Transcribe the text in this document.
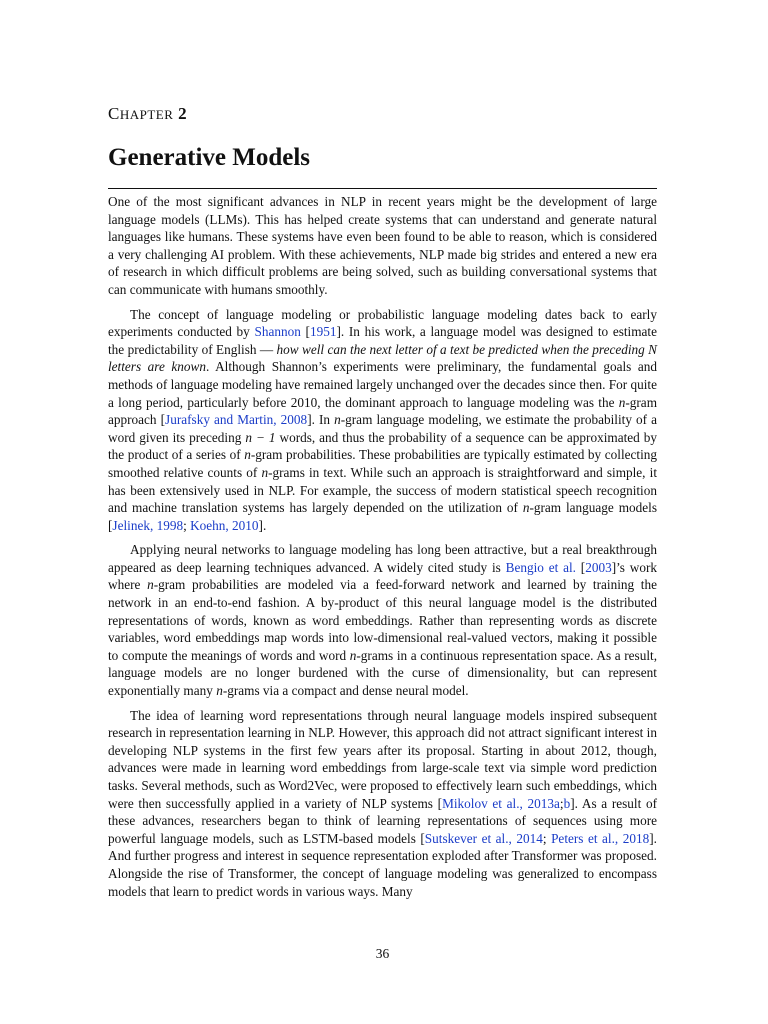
CHAPTER 2
Generative Models

One of the most significant advances in NLP in recent years might be the development of large language models (LLMs). This has helped create systems that can understand and generate natural languages like humans. These systems have even been found to be able to reason, which is considered a very challenging AI problem. With these achievements, NLP made big strides and entered a new era of research in which difficult problems are being solved, such as building conversational systems that can communicate with humans smoothly.

The concept of language modeling or probabilistic language modeling dates back to early experiments conducted by Shannon [1951]. In his work, a language model was designed to estimate the predictability of English — how well can the next letter of a text be predicted when the preceding N letters are known. Although Shannon’s experiments were preliminary, the fundamental goals and methods of language modeling have remained largely unchanged over the decades since then. For quite a long period, particularly before 2010, the dominant approach to language modeling was the n-gram approach [Jurafsky and Martin, 2008]. In n-gram language modeling, we estimate the probability of a word given its preceding n − 1 words, and thus the probability of a sequence can be approximated by the product of a series of n-gram probabilities. These probabilities are typically estimated by collecting smoothed relative counts of n-grams in text. While such an approach is straightforward and simple, it has been extensively used in NLP. For example, the success of modern statistical speech recognition and machine translation systems has largely depended on the utilization of n-gram language models [Jelinek, 1998; Koehn, 2010].

Applying neural networks to language modeling has long been attractive, but a real breakthrough appeared as deep learning techniques advanced. A widely cited study is Bengio et al. [2003]’s work where n-gram probabilities are modeled via a feed-forward network and learned by training the network in an end-to-end fashion. A by-product of this neural language model is the distributed representations of words, known as word embeddings. Rather than representing words as discrete variables, word embeddings map words into low-dimensional real-valued vectors, making it possible to compute the meanings of words and word n-grams in a continuous representation space. As a result, language models are no longer burdened with the curse of dimensionality, but can represent exponentially many n-grams via a compact and dense neural model.

The idea of learning word representations through neural language models inspired subsequent research in representation learning in NLP. However, this approach did not attract significant interest in developing NLP systems in the first few years after its proposal. Starting in about 2012, though, advances were made in learning word embeddings from large-scale text via simple word prediction tasks. Several methods, such as Word2Vec, were proposed to effectively learn such embeddings, which were then successfully applied in a variety of NLP systems [Mikolov et al., 2013a;b]. As a result of these advances, researchers began to think of learning representations of sequences using more powerful language models, such as LSTM-based models [Sutskever et al., 2014; Peters et al., 2018]. And further progress and interest in sequence representation exploded after Transformer was proposed. Alongside the rise of Transformer, the concept of language modeling was generalized to encompass models that learn to predict words in various ways. Many

36
